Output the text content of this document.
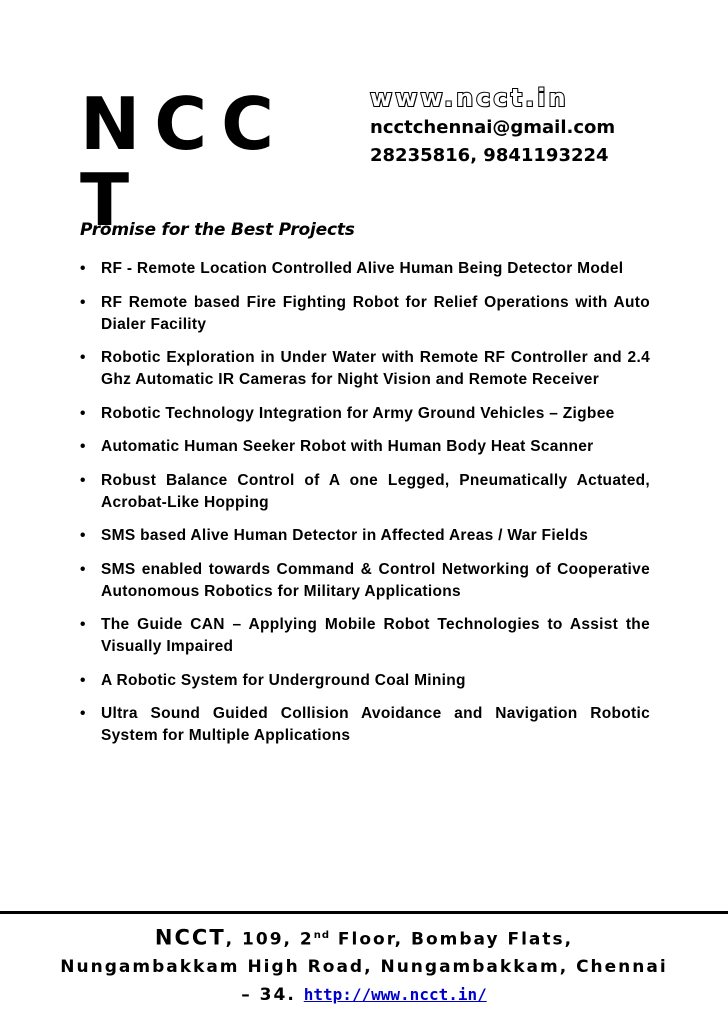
NCC
T
www.ncct.in
ncctchennai@gmail.com
28235816, 9841193224
Promise for the Best Projects
• RF - Remote Location Controlled Alive Human Being Detector Model
• RF Remote based Fire Fighting Robot for Relief Operations with Auto Dialer Facility
• Robotic Exploration in Under Water with Remote RF Controller and 2.4 Ghz Automatic IR Cameras for Night Vision and Remote Receiver
• Robotic Technology Integration for Army Ground Vehicles – Zigbee
• Automatic Human Seeker Robot with Human Body Heat Scanner
• Robust Balance Control of A one Legged, Pneumatically Actuated, Acrobat-Like Hopping
• SMS based Alive Human Detector in Affected Areas / War Fields
• SMS enabled towards Command & Control Networking of Cooperative Autonomous Robotics for Military Applications
• The Guide CAN – Applying Mobile Robot Technologies to Assist the Visually Impaired
• A Robotic System for Underground Coal Mining
• Ultra Sound Guided Collision Avoidance and Navigation Robotic System for Multiple Applications
NCCT, 109, 2nd Floor, Bombay Flats,
Nungambakkam High Road, Nungambakkam, Chennai
– 34. http://www.ncct.in/
